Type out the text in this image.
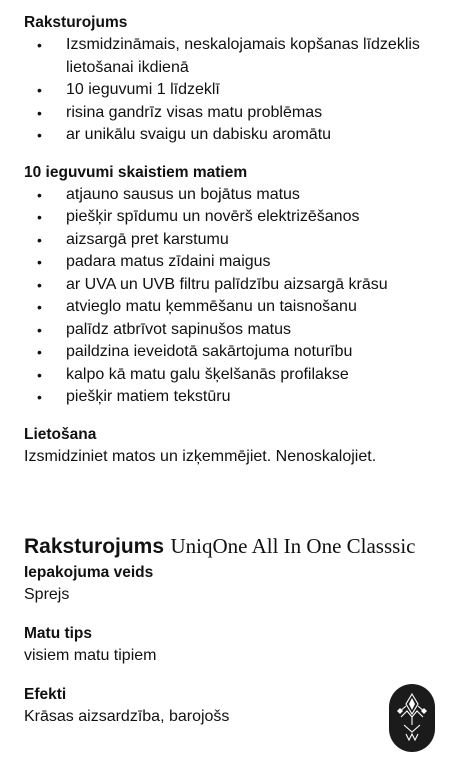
Raksturojums
• Izsmidzināmais, neskalojamais kopšanas līdzeklis lietošanai ikdienā
• 10 ieguvumi 1 līdzeklī
• risina gandrīz visas matu problēmas
• ar unikālu svaigu un dabisku aromātu
10 ieguvumi skaistiem matiem
• atjauno sausus un bojātus matus
• piešķir spīdumu un novērš elektrizēšanos
• aizsargā pret karstumu
• padara matus zīdaini maigus
• ar UVA un UVB filtru palīdzību aizsargā krāsu
• atvieglo matu ķemmēšanu un taisnošanu
• palīdz atbrīvot sapinušos matus
• paildzina ieveidotā sakārtojuma noturību
• kalpo kā matu galu šķelšanās profilakse
• piešķir matiem tekstūru
Lietošana
Izsmidziniet matos un izķemmējiet. Nenoskalojiet.
Raksturojums UniqOne All In One Classsic
Iepakojuma veids
Sprejs
Matu tips
visiem matu tipiem
Efekti
Krāsas aizsardzība, barojošs
